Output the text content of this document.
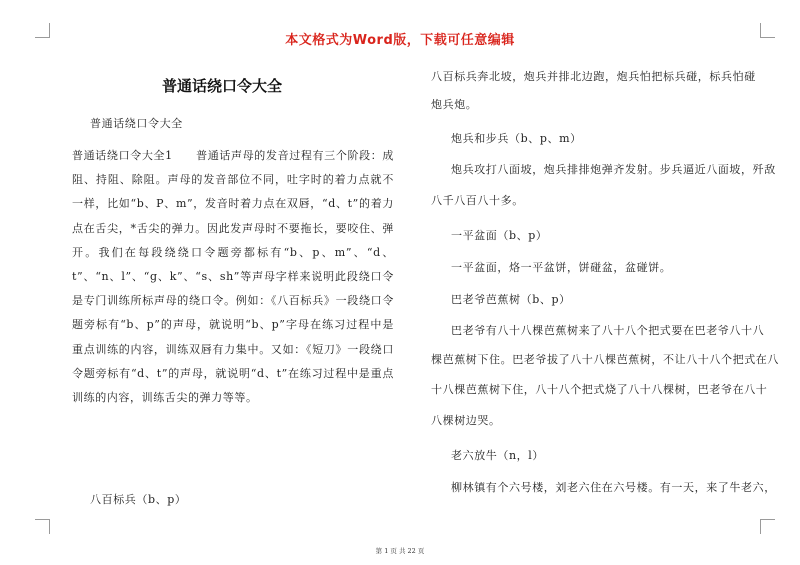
本文格式为Word版，下载可任意编辑
普通话绕口令大全
普通话绕口令大全
普通话绕口令大全1　　普通话声母的发音过程有三个阶段：成阻、持阻、除阻。声母的发音部位不同，吐字时的着力点就不一样，比如“b、P、m”，发音时着力点在双唇，“d、t”的着力点在舌尖，*舌尖的弹力。因此发声母时不要拖长，要咬住、弹开。我们在每段绕绕口令题旁都标有“b、p、m”、“d、t”、“n、l”、“g、k”、“s、sh”等声母字样来说明此段绕口令是专门训练所标声母的绕口令。例如：《八百标兵》一段绕口令题旁标有“b、p”的声母，就说明“b、p”字母在练习过程中是重点训练的内容，训练双唇有力集中。又如：《短刀》一段绕口令题旁标有“d、t”的声母，就说明“d、t”在练习过程中是重点训练的内容，训练舌尖的弹力等等。
八百标兵（b、p）
八百标兵奔北坡，炮兵并排北边跑，炮兵怕把标兵碰，标兵怕碰
炮兵炮。
炮兵和步兵（b、p、m）
炮兵攻打八面坡，炮兵排排炮弹齐发射。步兵逼近八面坡，歼敌
八千八百八十多。
一平盆面（b、p）
一平盆面，烙一平盆饼，饼碰盆，盆碰饼。
巴老爷芭蕉树（b、p）
巴老爷有八十八棵芭蕉树来了八十八个把式要在巴老爷八十八
棵芭蕉树下住。巴老爷拔了八十八棵芭蕉树，不让八十八个把式在八
十八棵芭蕉树下住，八十八个把式烧了八十八棵树，巴老爷在八十
八棵树边哭。
老六放牛（n，l）
柳林镇有个六号楼，刘老六住在六号楼。有一天，来了牛老六，
第 1 页 共 22 页
